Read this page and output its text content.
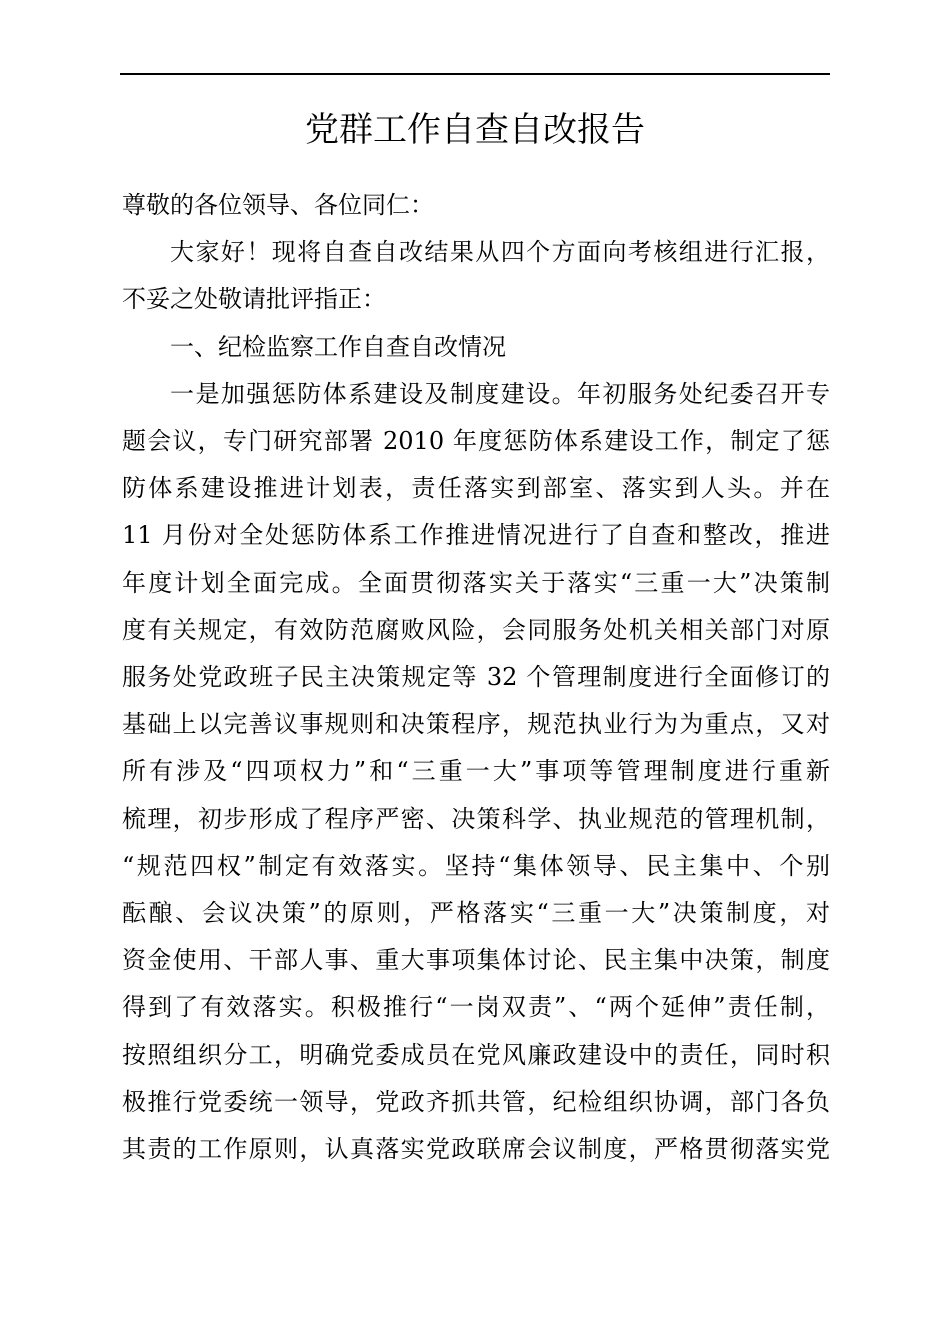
党群工作自查自改报告

尊敬的各位领导、各位同仁：

大家好！现将自查自改结果从四个方面向考核组进行汇报，
不妥之处敬请批评指正：

一、纪检监察工作自查自改情况

一是加强惩防体系建设及制度建设。年初服务处纪委召开专
题会议，专门研究部署 2010 年度惩防体系建设工作，制定了惩
防体系建设推进计划表，责任落实到部室、落实到人头。并在
11 月份对全处惩防体系工作推进情况进行了自查和整改，推进
年度计划全面完成。全面贯彻落实关于落实“三重一大”决策制
度有关规定，有效防范腐败风险，会同服务处机关相关部门对原
服务处党政班子民主决策规定等 32 个管理制度进行全面修订的
基础上以完善议事规则和决策程序，规范执业行为为重点，又对
所有涉及“四项权力”和“三重一大”事项等管理制度进行重新
梳理，初步形成了程序严密、决策科学、执业规范的管理机制，
“规范四权”制定有效落实。坚持“集体领导、民主集中、个别
酝酿、会议决策”的原则，严格落实“三重一大”决策制度，对
资金使用、干部人事、重大事项集体讨论、民主集中决策，制度
得到了有效落实。积极推行“一岗双责”、“两个延伸”责任制，
按照组织分工，明确党委成员在党风廉政建设中的责任，同时积
极推行党委统一领导，党政齐抓共管，纪检组织协调，部门各负
其责的工作原则，认真落实党政联席会议制度，严格贯彻落实党
